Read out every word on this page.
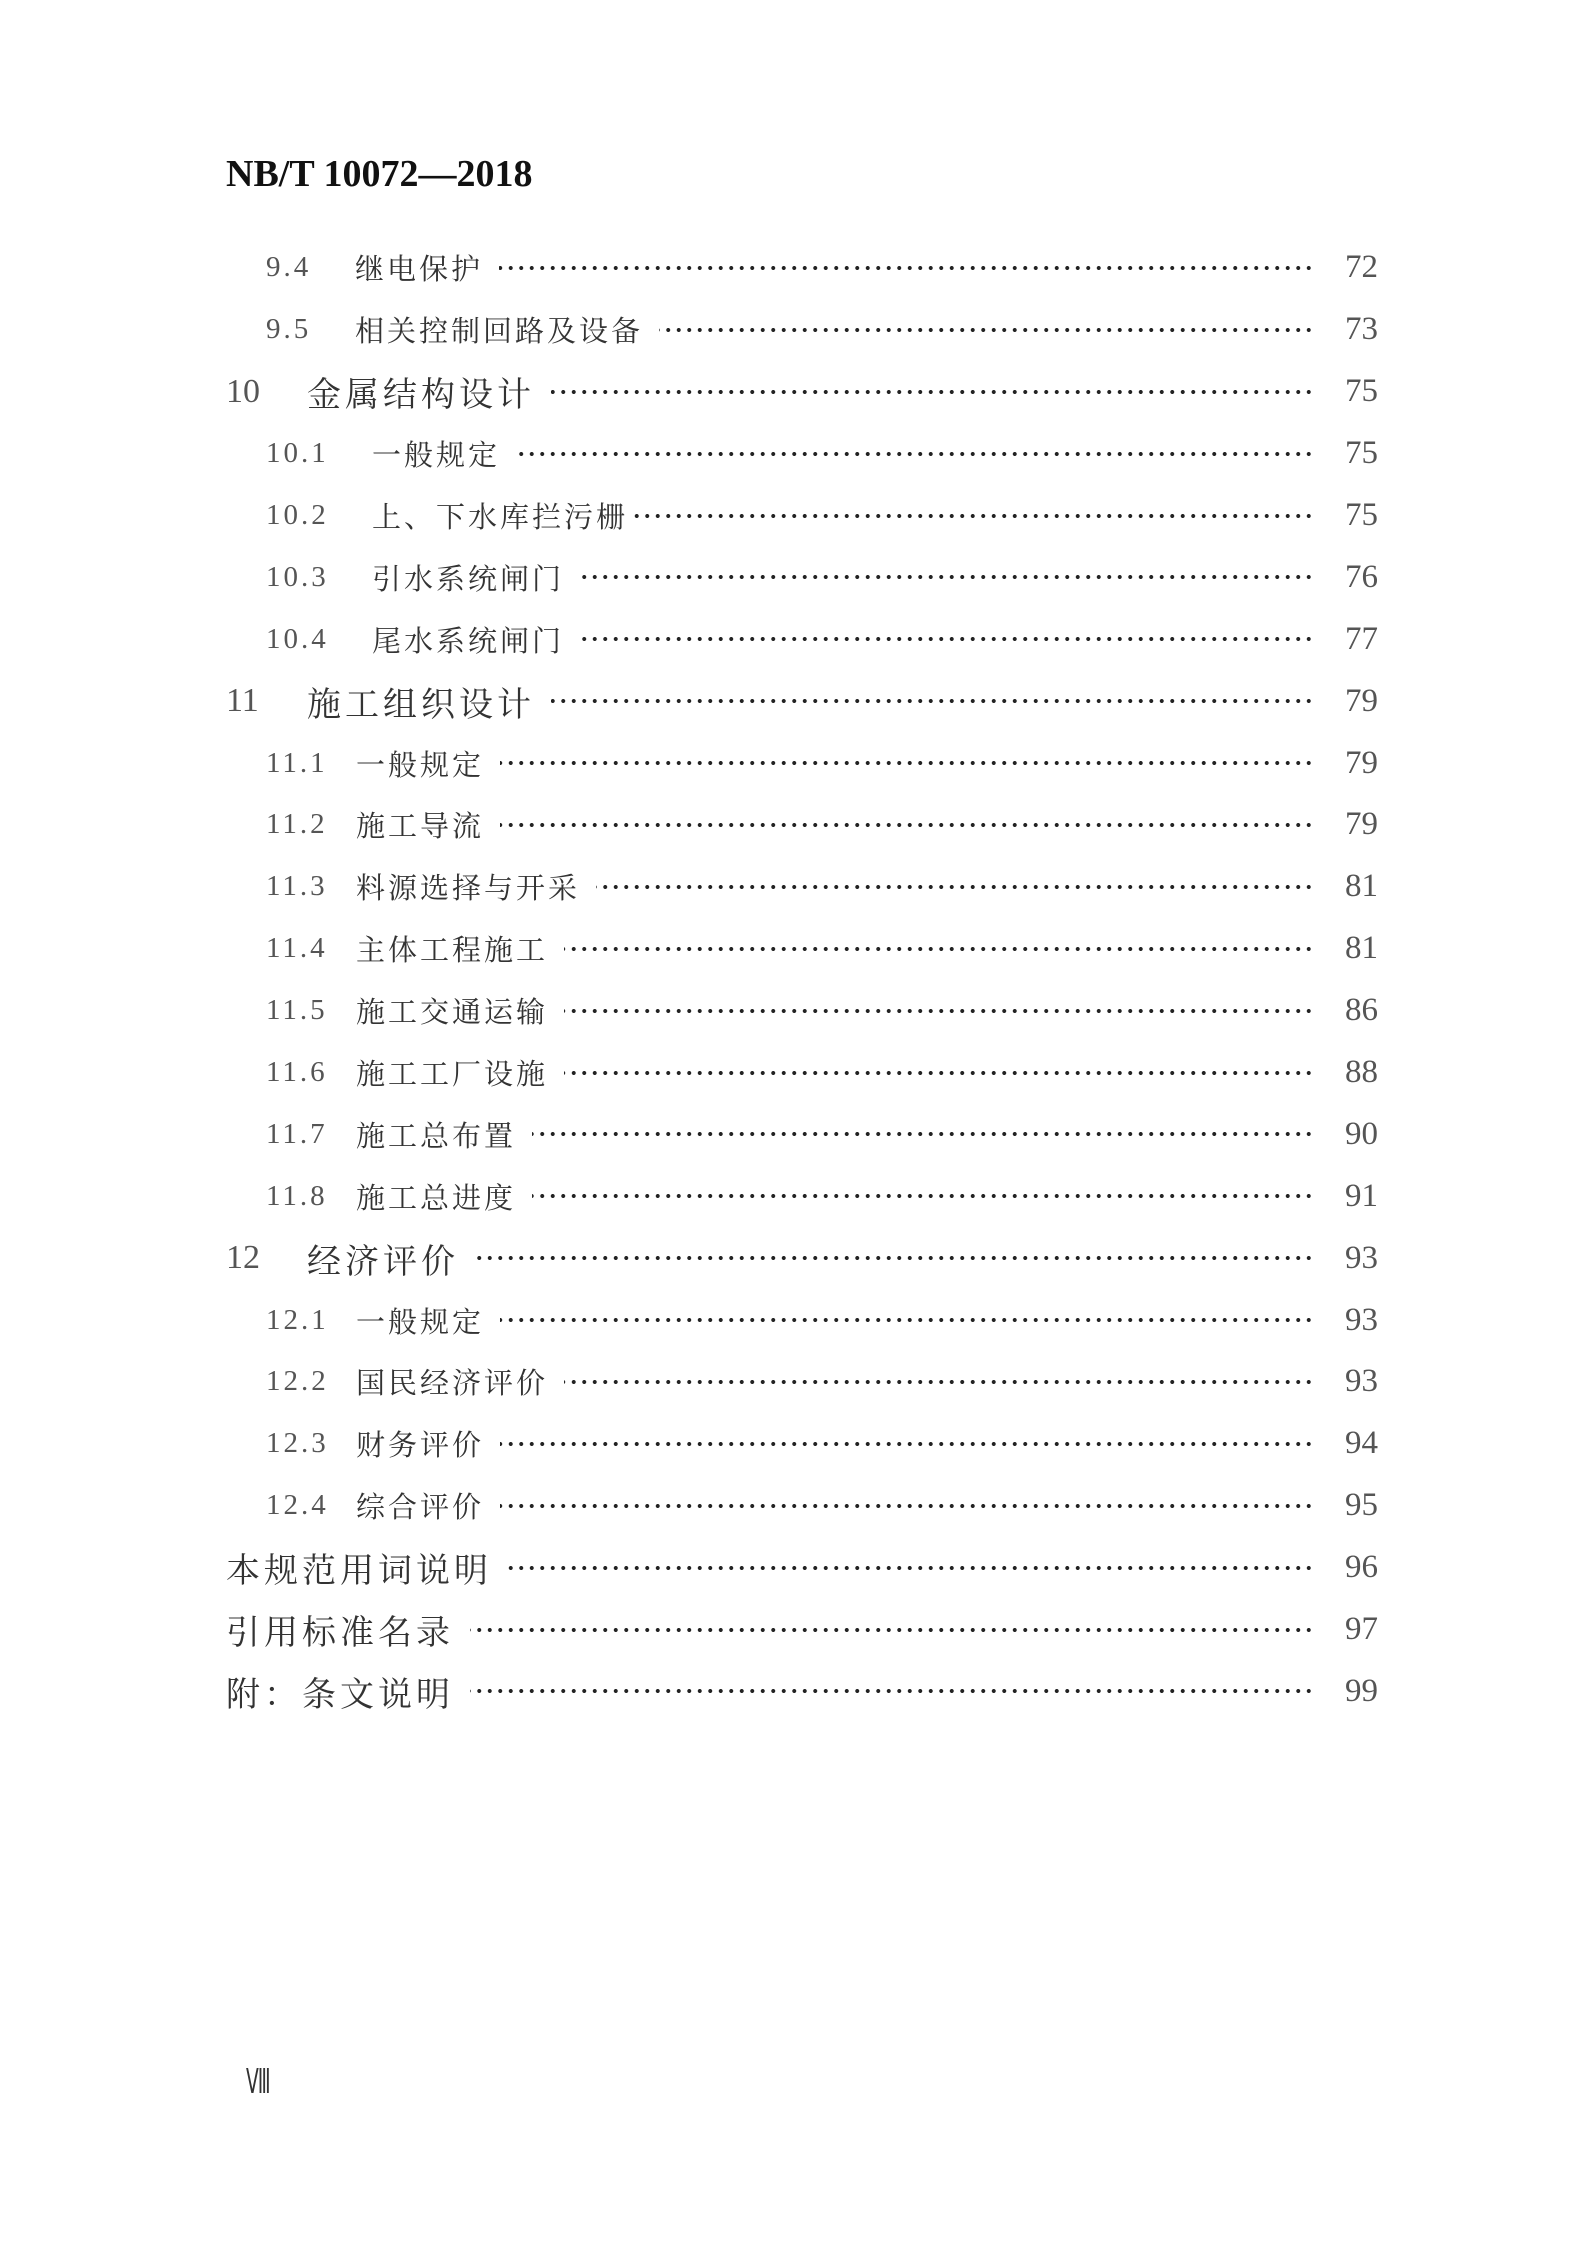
NB/T 10072—2018
9.4	继电保护	72
9.5	相关控制回路及设备	73
10	金属结构设计	75
10.1	一般规定	75
10.2	上、下水库拦污栅	75
10.3	引水系统闸门	76
10.4	尾水系统闸门	77
11	施工组织设计	79
11.1 一般规定	79
11.2 施工导流	79
11.3 料源选择与开采	81
11.4 主体工程施工	81
11.5 施工交通运输	86
11.6 施工工厂设施	88
11.7 施工总布置	90
11.8 施工总进度	91
12	经济评价	93
12.1 一般规定	93
12.2 国民经济评价	93
12.3 财务评价	94
12.4 综合评价	95
本规范用词说明	96
引用标准名录	97
附：条文说明	99
Ⅷ
